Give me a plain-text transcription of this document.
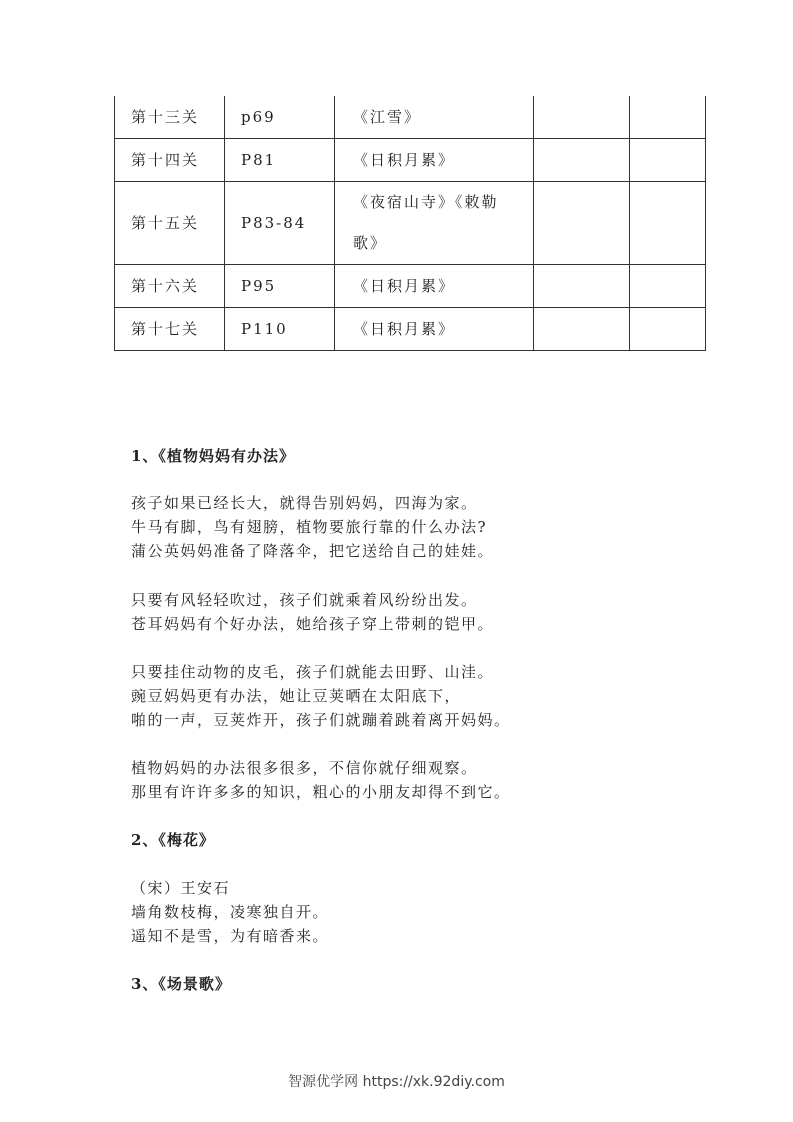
第十三关	p69	《江雪》		
第十四关	P81	《日积月累》		
第十五关	P83-84	《夜宿山寺》《敕勒
歌》		
第十六关	P95	《日积月累》		
第十七关	P110	《日积月累》		
1、《植物妈妈有办法》
孩子如果已经长大，就得告别妈妈，四海为家。
牛马有脚，鸟有翅膀，植物要旅行靠的什么办法?
蒲公英妈妈准备了降落伞，把它送给自己的娃娃。
只要有风轻轻吹过，孩子们就乘着风纷纷出发。
苍耳妈妈有个好办法，她给孩子穿上带刺的铠甲。
只要挂住动物的皮毛，孩子们就能去田野、山洼。
豌豆妈妈更有办法，她让豆荚晒在太阳底下，
啪的一声，豆荚炸开，孩子们就蹦着跳着离开妈妈。
植物妈妈的办法很多很多，不信你就仔细观察。
那里有许许多多的知识，粗心的小朋友却得不到它。
2、《梅花》
（宋）王安石
墙角数枝梅，凌寒独自开。
遥知不是雪，为有暗香来。
3、《场景歌》
智源优学网 https://xk.92diy.com
